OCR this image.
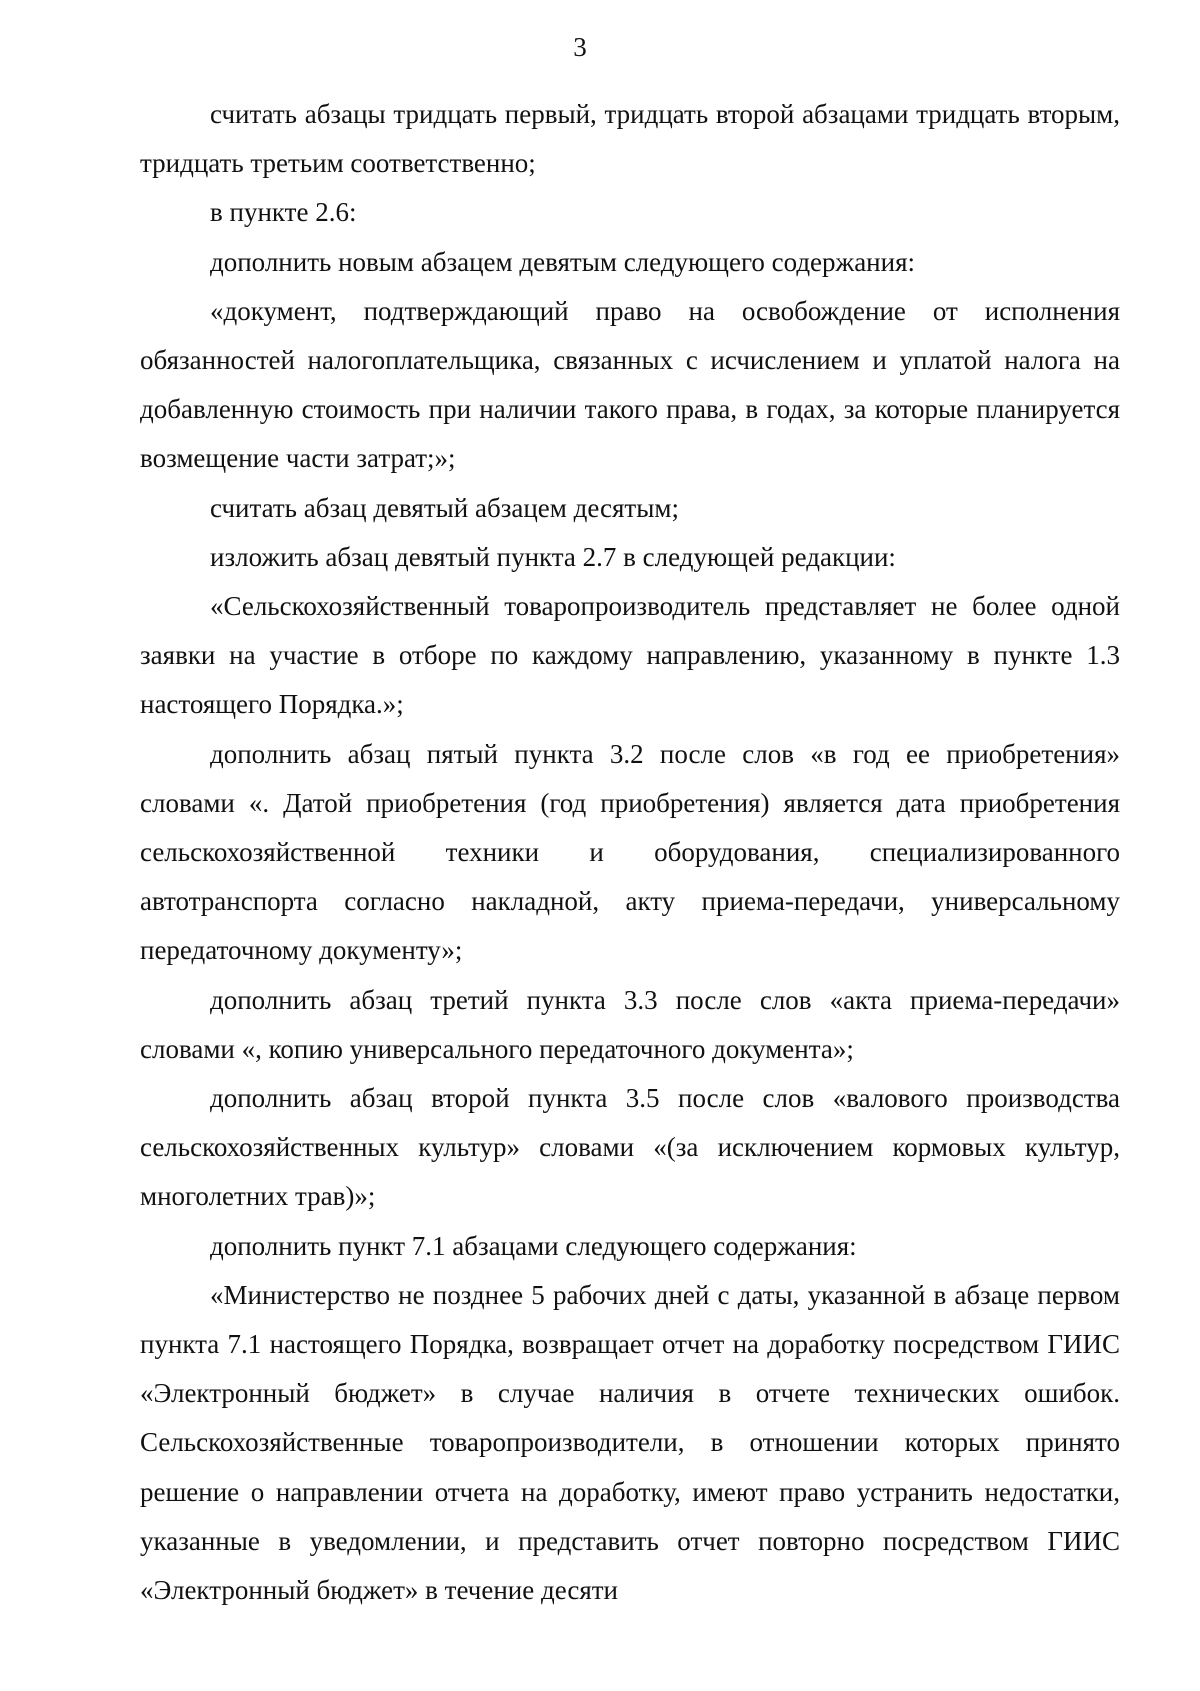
3

считать абзацы тридцать первый, тридцать второй абзацами тридцать вторым, тридцать третьим соответственно;

в пункте 2.6:

дополнить новым абзацем девятым следующего содержания:

«документ, подтверждающий право на освобождение от исполнения обязанностей налогоплательщика, связанных с исчислением и уплатой налога на добавленную стоимость при наличии такого права, в годах, за которые планируется возмещение части затрат;»;

считать абзац девятый абзацем десятым;

изложить абзац девятый пункта 2.7 в следующей редакции:

«Сельскохозяйственный товаропроизводитель представляет не более одной заявки на участие в отборе по каждому направлению, указанному в пункте 1.3 настоящего Порядка.»;

дополнить абзац пятый пункта 3.2 после слов «в год ее приобретения» словами «. Датой приобретения (год приобретения) является дата приобретения сельскохозяйственной техники и оборудования, специализированного автотранспорта согласно накладной, акту приема-передачи, универсальному передаточному документу»;

дополнить абзац третий пункта 3.3 после слов «акта приема-передачи» словами «, копию универсального передаточного документа»;

дополнить абзац второй пункта 3.5 после слов «валового производства сельскохозяйственных культур» словами «(за исключением кормовых культур, многолетних трав)»;

дополнить пункт 7.1 абзацами следующего содержания:

«Министерство не позднее 5 рабочих дней с даты, указанной в абзаце первом пункта 7.1 настоящего Порядка, возвращает отчет на доработку посредством ГИИС «Электронный бюджет» в случае наличия в отчете технических ошибок. Сельскохозяйственные товаропроизводители, в отношении которых принято решение о направлении отчета на доработку, имеют право устранить недостатки, указанные в уведомлении, и представить отчет повторно посредством ГИИС «Электронный бюджет» в течение десяти
